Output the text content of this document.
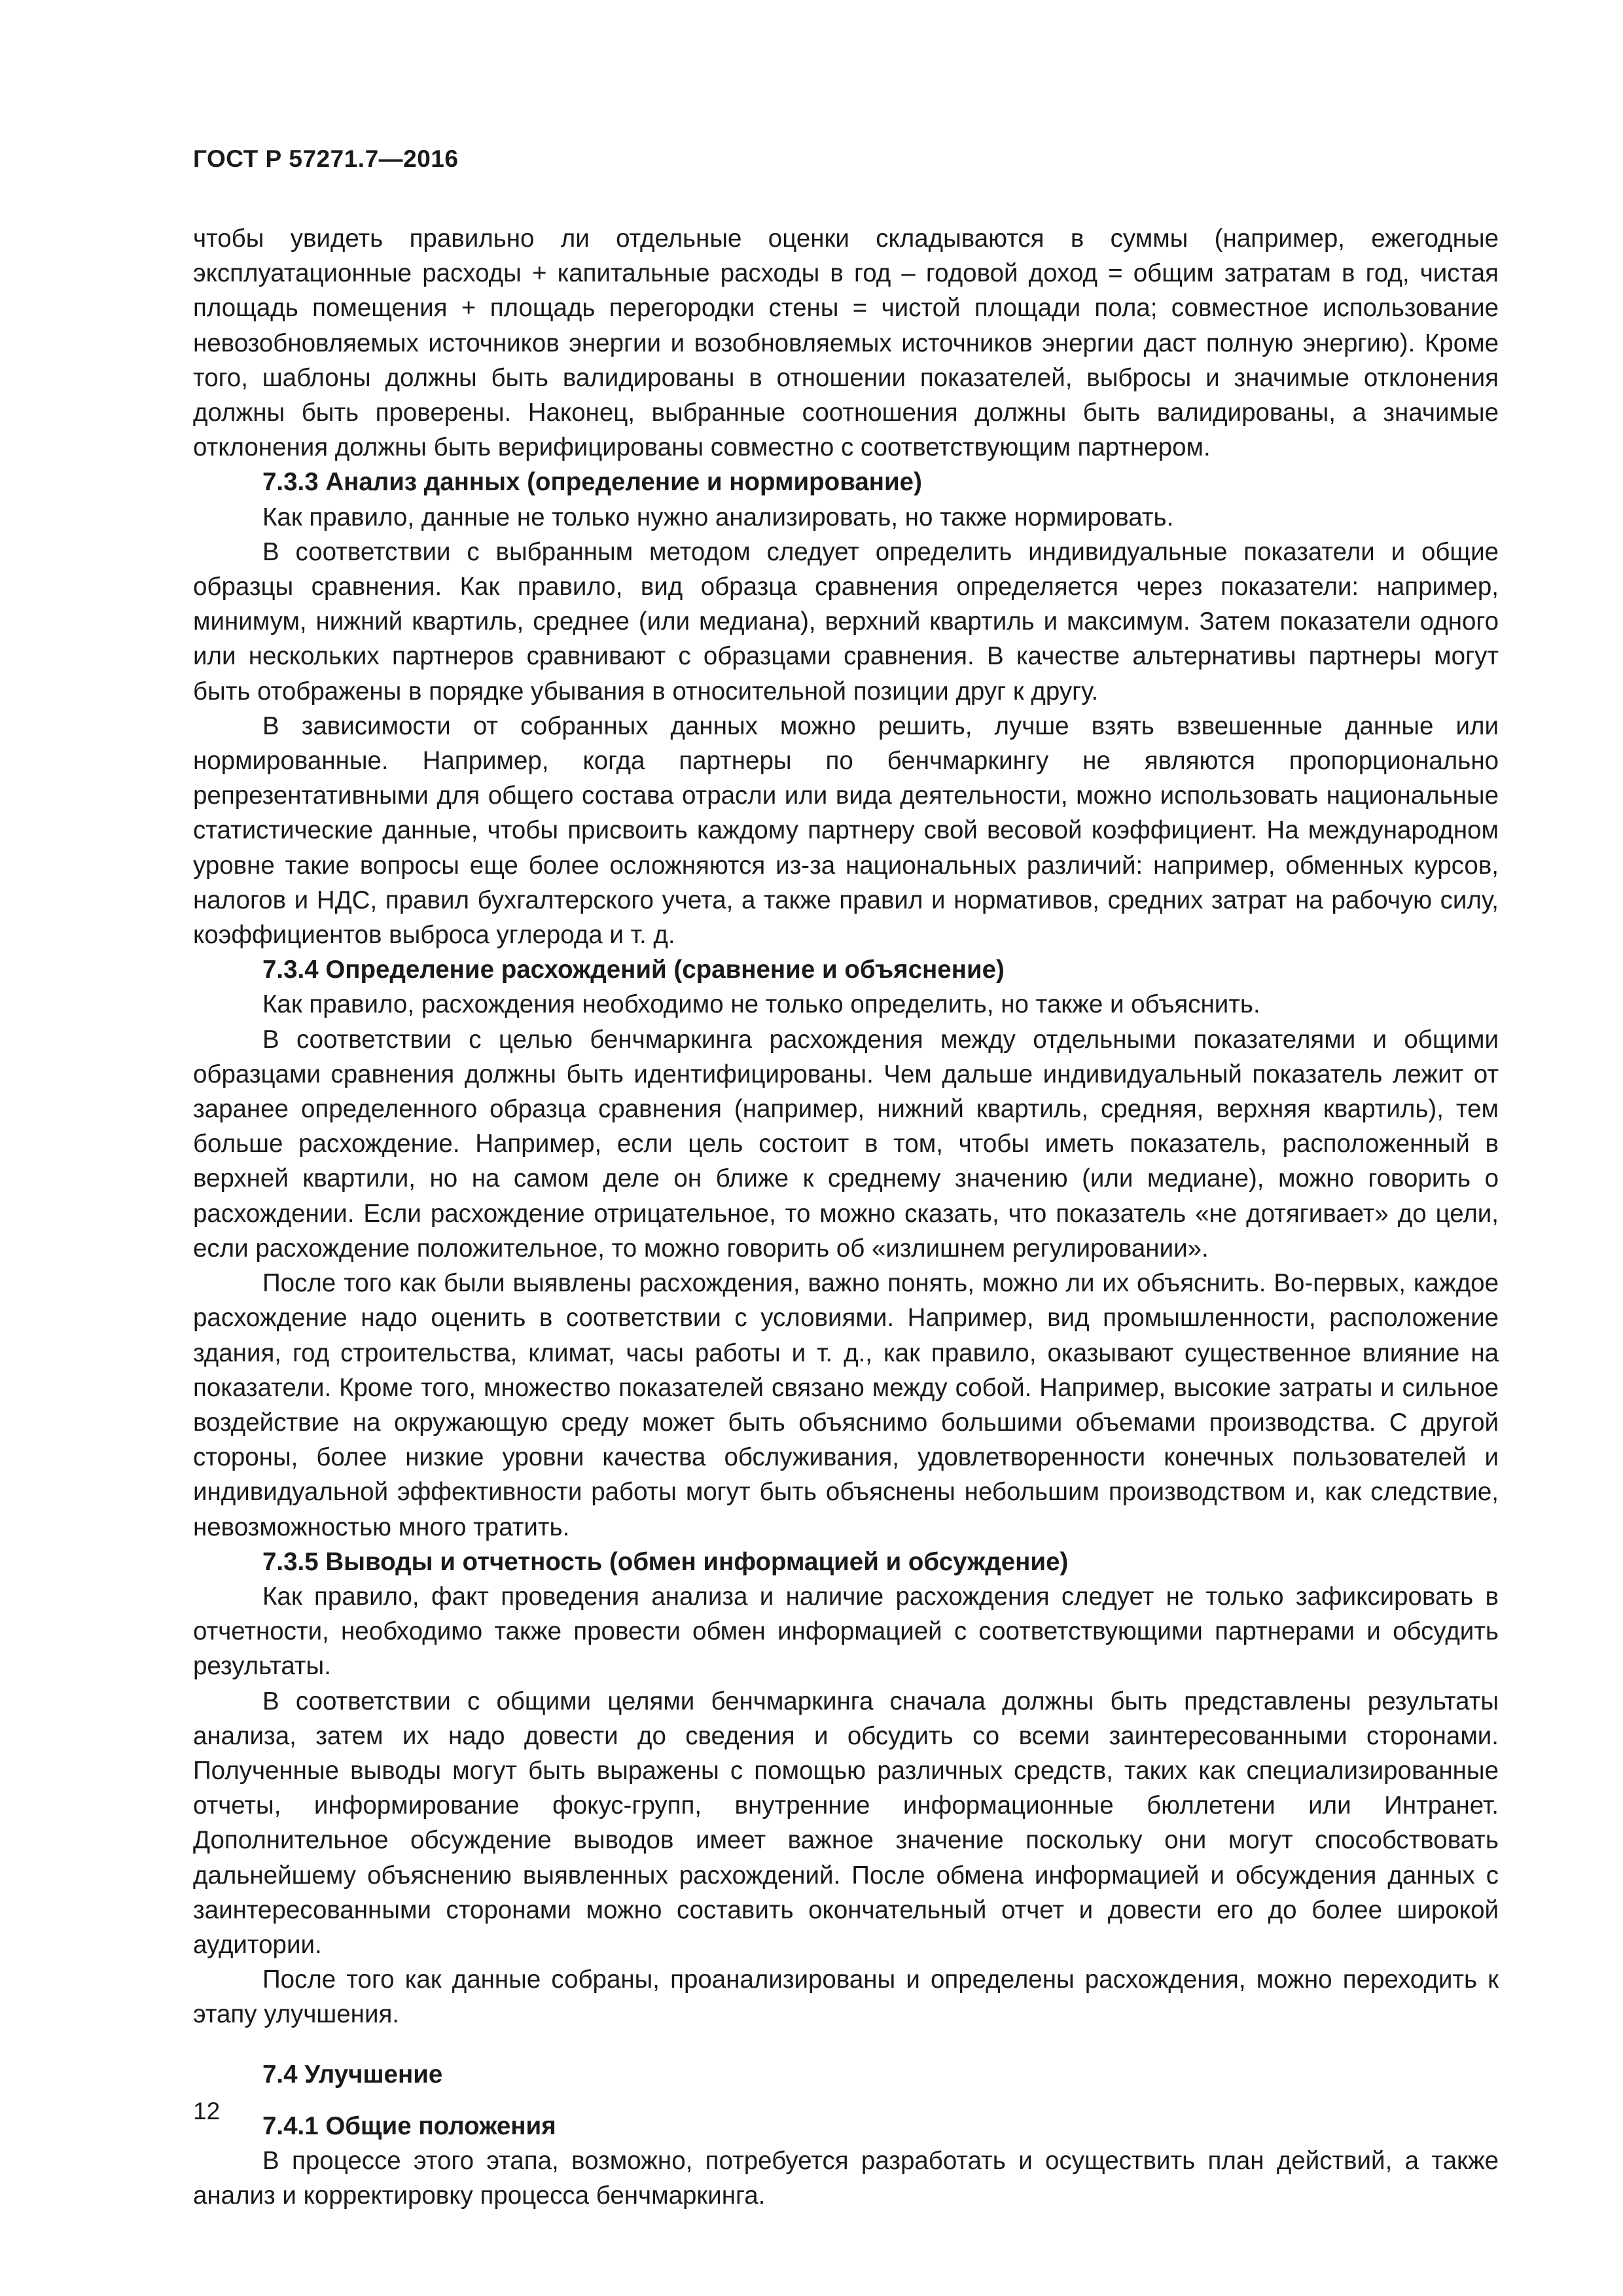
ГОСТ Р 57271.7—2016

чтобы увидеть правильно ли отдельные оценки складываются в суммы (например, ежегодные эксплуатационные расходы + капитальные расходы в год – годовой доход = общим затратам в год, чистая площадь помещения + площадь перегородки стены = чистой площади пола; совместное использование невозобновляемых источников энергии и возобновляемых источников энергии даст полную энергию). Кроме того, шаблоны должны быть валидированы в отношении показателей, выбросы и значимые отклонения должны быть проверены. Наконец, выбранные соотношения должны быть валидированы, а значимые отклонения должны быть верифицированы совместно с соответствующим партнером.

7.3.3 Анализ данных (определение и нормирование)

Как правило, данные не только нужно анализировать, но также нормировать.

В соответствии с выбранным методом следует определить индивидуальные показатели и общие образцы сравнения. Как правило, вид образца сравнения определяется через показатели: например, минимум, нижний квартиль, среднее (или медиана), верхний квартиль и максимум. Затем показатели одного или нескольких партнеров сравнивают с образцами сравнения. В качестве альтернативы партнеры могут быть отображены в порядке убывания в относительной позиции друг к другу.

В зависимости от собранных данных можно решить, лучше взять взвешенные данные или нормированные. Например, когда партнеры по бенчмаркингу не являются пропорционально репрезентативными для общего состава отрасли или вида деятельности, можно использовать национальные статистические данные, чтобы присвоить каждому партнеру свой весовой коэффициент. На международном уровне такие вопросы еще более осложняются из-за национальных различий: например, обменных курсов, налогов и НДС, правил бухгалтерского учета, а также правил и нормативов, средних затрат на рабочую силу, коэффициентов выброса углерода и т. д.

7.3.4 Определение расхождений (сравнение и объяснение)

Как правило, расхождения необходимо не только определить, но также и объяснить.

В соответствии с целью бенчмаркинга расхождения между отдельными показателями и общими образцами сравнения должны быть идентифицированы. Чем дальше индивидуальный показатель лежит от заранее определенного образца сравнения (например, нижний квартиль, средняя, верхняя квартиль), тем больше расхождение. Например, если цель состоит в том, чтобы иметь показатель, расположенный в верхней квартили, но на самом деле он ближе к среднему значению (или медиане), можно говорить о расхождении. Если расхождение отрицательное, то можно сказать, что показатель «не дотягивает» до цели, если расхождение положительное, то можно говорить об «излишнем регулировании».

После того как были выявлены расхождения, важно понять, можно ли их объяснить. Во-первых, каждое расхождение надо оценить в соответствии с условиями. Например, вид промышленности, расположение здания, год строительства, климат, часы работы и т. д., как правило, оказывают существенное влияние на показатели. Кроме того, множество показателей связано между собой. Например, высокие затраты и сильное воздействие на окружающую среду может быть объяснимо большими объемами производства. С другой стороны, более низкие уровни качества обслуживания, удовлетворенности конечных пользователей и индивидуальной эффективности работы могут быть объяснены небольшим производством и, как следствие, невозможностью много тратить.

7.3.5 Выводы и отчетность (обмен информацией и обсуждение)

Как правило, факт проведения анализа и наличие расхождения следует не только зафиксировать в отчетности, необходимо также провести обмен информацией с соответствующими партнерами и обсудить результаты.

В соответствии с общими целями бенчмаркинга сначала должны быть представлены результаты анализа, затем их надо довести до сведения и обсудить со всеми заинтересованными сторонами. Полученные выводы могут быть выражены с помощью различных средств, таких как специализированные отчеты, информирование фокус-групп, внутренние информационные бюллетени или Интранет. Дополнительное обсуждение выводов имеет важное значение поскольку они могут способствовать дальнейшему объяснению выявленных расхождений. После обмена информацией и обсуждения данных с заинтересованными сторонами можно составить окончательный отчет и довести его до более широкой аудитории.

После того как данные собраны, проанализированы и определены расхождения, можно переходить к этапу улучшения.

7.4 Улучшение
7.4.1 Общие положения

В процессе этого этапа, возможно, потребуется разработать и осуществить план действий, а также анализ и корректировку процесса бенчмаркинга.

12
